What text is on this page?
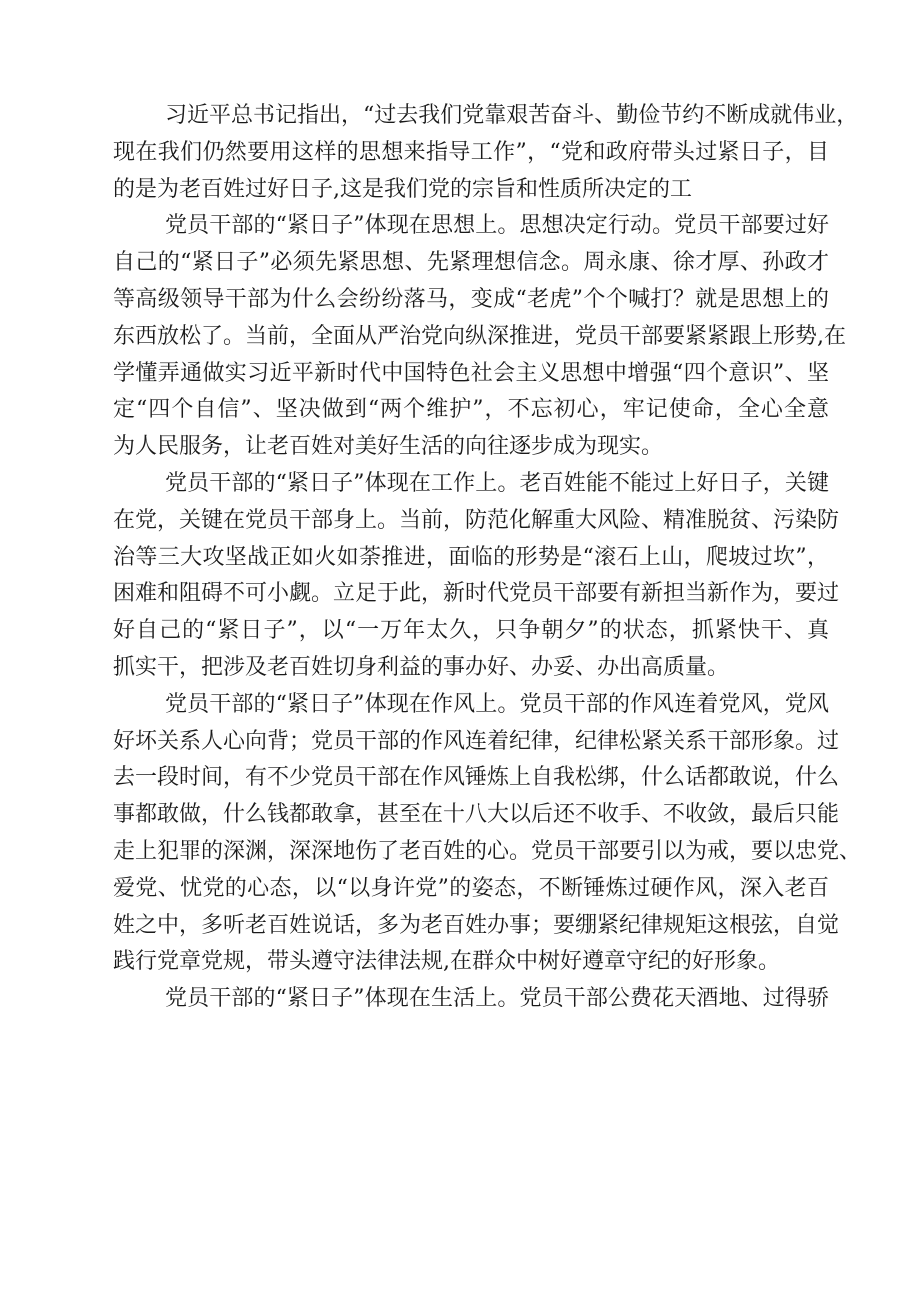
习近平总书记指出，“过去我们党靠艰苦奋斗、勤俭节约不断成就伟业，
现在我们仍然要用这样的思想来指导工作”，“党和政府带头过紧日子，目
的是为老百姓过好日子,这是我们党的宗旨和性质所决定的工

党员干部的“紧日子”体现在思想上。思想决定行动。党员干部要过好
自己的“紧日子”必须先紧思想、先紧理想信念。周永康、徐才厚、孙政才
等高级领导干部为什么会纷纷落马，变成“老虎”个个喊打？就是思想上的
东西放松了。当前，全面从严治党向纵深推进，党员干部要紧紧跟上形势,在
学懂弄通做实习近平新时代中国特色社会主义思想中增强“四个意识”、坚
定“四个自信”、坚决做到“两个维护”，不忘初心，牢记使命，全心全意
为人民服务，让老百姓对美好生活的向往逐步成为现实。

党员干部的“紧日子”体现在工作上。老百姓能不能过上好日子，关键
在党，关键在党员干部身上。当前，防范化解重大风险、精准脱贫、污染防
治等三大攻坚战正如火如荼推进，面临的形势是“滚石上山，爬坡过坎”，
困难和阻碍不可小觑。立足于此，新时代党员干部要有新担当新作为，要过
好自己的“紧日子”，以“一万年太久，只争朝夕”的状态，抓紧快干、真
抓实干，把涉及老百姓切身利益的事办好、办妥、办出高质量。

党员干部的“紧日子”体现在作风上。党员干部的作风连着党风，党风
好坏关系人心向背；党员干部的作风连着纪律，纪律松紧关系干部形象。过
去一段时间，有不少党员干部在作风锤炼上自我松绑，什么话都敢说，什么
事都敢做，什么钱都敢拿，甚至在十八大以后还不收手、不收敛，最后只能
走上犯罪的深渊，深深地伤了老百姓的心。党员干部要引以为戒，要以忠党、
爱党、忧党的心态，以“以身许党”的姿态，不断锤炼过硬作风，深入老百
姓之中，多听老百姓说话，多为老百姓办事；要绷紧纪律规矩这根弦，自觉
践行党章党规，带头遵守法律法规,在群众中树好遵章守纪的好形象。

党员干部的“紧日子”体现在生活上。党员干部公费花天酒地、过得骄
